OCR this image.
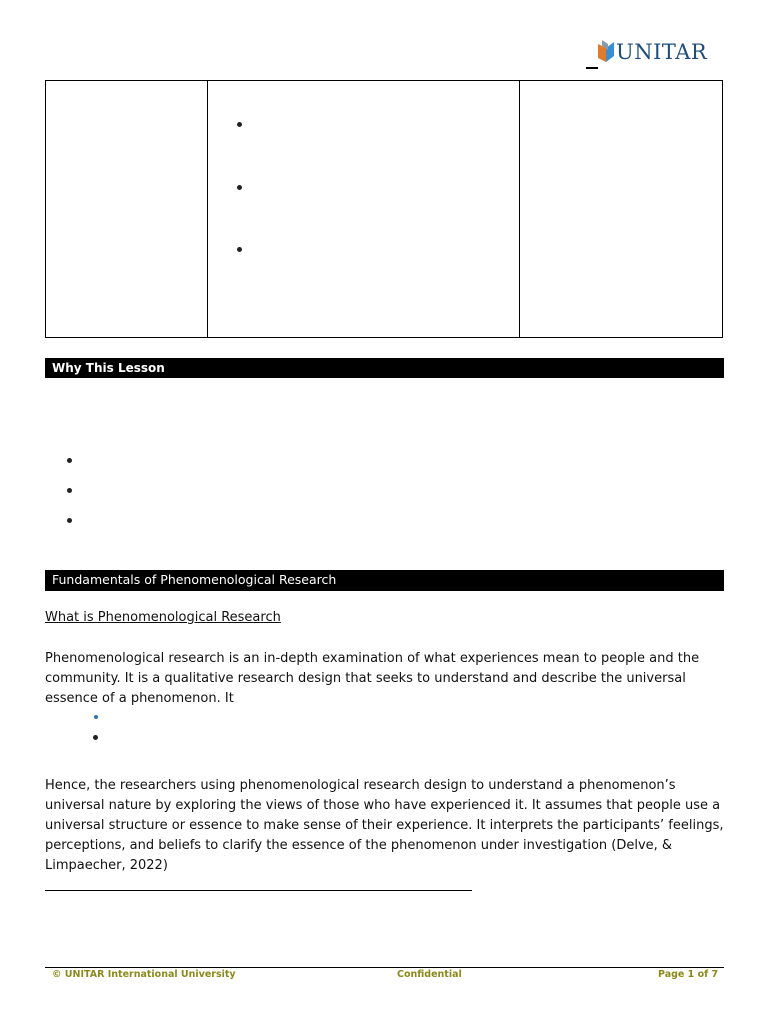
UNITAR
Why This Lesson
Fundamentals of Phenomenological Research
What is Phenomenological Research
Phenomenological research is an in-depth examination of what experiences mean to people and the community. It is a qualitative research design that seeks to understand and describe the universal essence of a phenomenon. It
Hence, the researchers using phenomenological research design to understand a phenomenon’s universal nature by exploring the views of those who have experienced it. It assumes that people use a universal structure or essence to make sense of their experience. It interprets the participants’ feelings, perceptions, and beliefs to clarify the essence of the phenomenon under investigation (Delve, & Limpaecher, 2022)
© UNITAR International University	Confidential	Page 1 of 7
